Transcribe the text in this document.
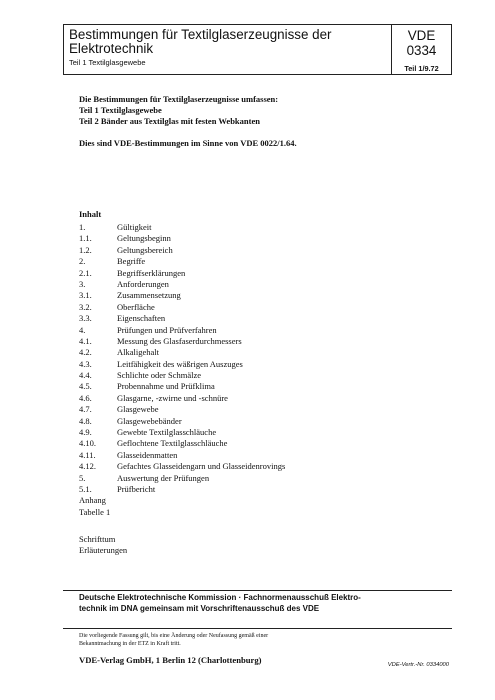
Bestimmungen für Textilglaserzeugnisse der Elektrotechnik
Teil 1 Textilglasgewebe
VDE 0334
Teil 1/9.72
Die Bestimmungen für Textilglaserzeugnisse umfassen:
Teil 1 Textilglasgewebe
Teil 2 Bänder aus Textilglas mit festen Webkanten
Dies sind VDE-Bestimmungen im Sinne von VDE 0022/1.64.
Inhalt
1.	Gültigkeit
1.1.	Geltungsbeginn
1.2.	Geltungsbereich
2.	Begriffe
2.1.	Begriffserklärungen
3.	Anforderungen
3.1.	Zusammensetzung
3.2.	Oberfläche
3.3.	Eigenschaften
4.	Prüfungen und Prüfverfahren
4.1.	Messung des Glasfaserdurchmessers
4.2.	Alkaligehalt
4.3.	Leitfähigkeit des wäßrigen Auszuges
4.4.	Schlichte oder Schmälze
4.5.	Probennahme und Prüfklima
4.6.	Glasgarne, -zwirne und -schnüre
4.7.	Glasgewebe
4.8.	Glasgewebebänder
4.9.	Gewebte Textilglasschläuche
4.10. Geflochtene Textilglasschläuche
4.11.	Glasseidenmatten
4.12. Gefachtes Glasseidengarn und Glasseidenrovings
5.	Auswertung der Prüfungen
5.1.	Prüfbericht
Anhang
Tabelle 1
Schrifttum
Erläuterungen
Deutsche Elektrotechnische Kommission · Fachnormenausschuß Elektro-
technik im DNA gemeinsam mit Vorschriftenausschuß des VDE
Die vorliegende Fassung gilt, bis eine Änderung oder Neufassung gemäß einer
Bekanntmachung in der ETZ in Kraft tritt.
VDE-Verlag GmbH, 1 Berlin 12 (Charlottenburg)	VDE-Vertr.-Nr. 0334000
